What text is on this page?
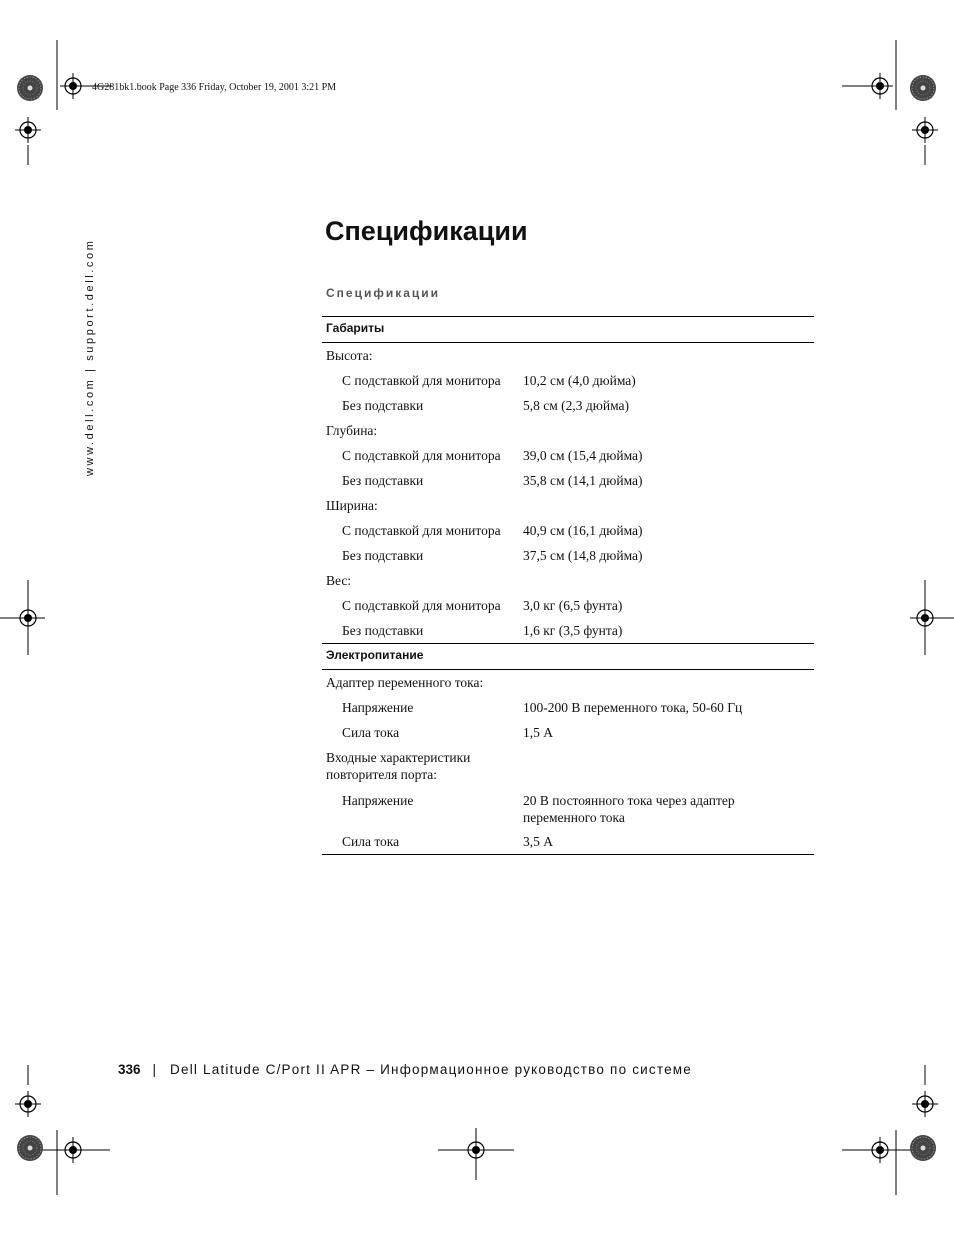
4G281bk1.book Page 336 Friday, October 19, 2001 3:21 PM
www.dell.com | support.dell.com
Спецификации
Спецификации
Габариты
Высота:
С подставкой для монитора	10,2 см (4,0 дюйма)
Без подставки	5,8 см (2,3 дюйма)
Глубина:
С подставкой для монитора	39,0 см (15,4 дюйма)
Без подставки	35,8 см (14,1 дюйма)
Ширина:
С подставкой для монитора	40,9 см (16,1 дюйма)
Без подставки	37,5 см (14,8 дюйма)
Вес:
С подставкой для монитора	3,0 кг (6,5 фунта)
Без подставки	1,6 кг (3,5 фунта)
Электропитание
Адаптер переменного тока:
Напряжение	100-200 В переменного тока, 50-60 Гц
Сила тока	1,5 А
Входные характеристики повторителя порта:
Напряжение	20 В постоянного тока через адаптер переменного тока
Сила тока	3,5 А
336 | Dell Latitude C/Port II APR – Информационное руководство по системе
